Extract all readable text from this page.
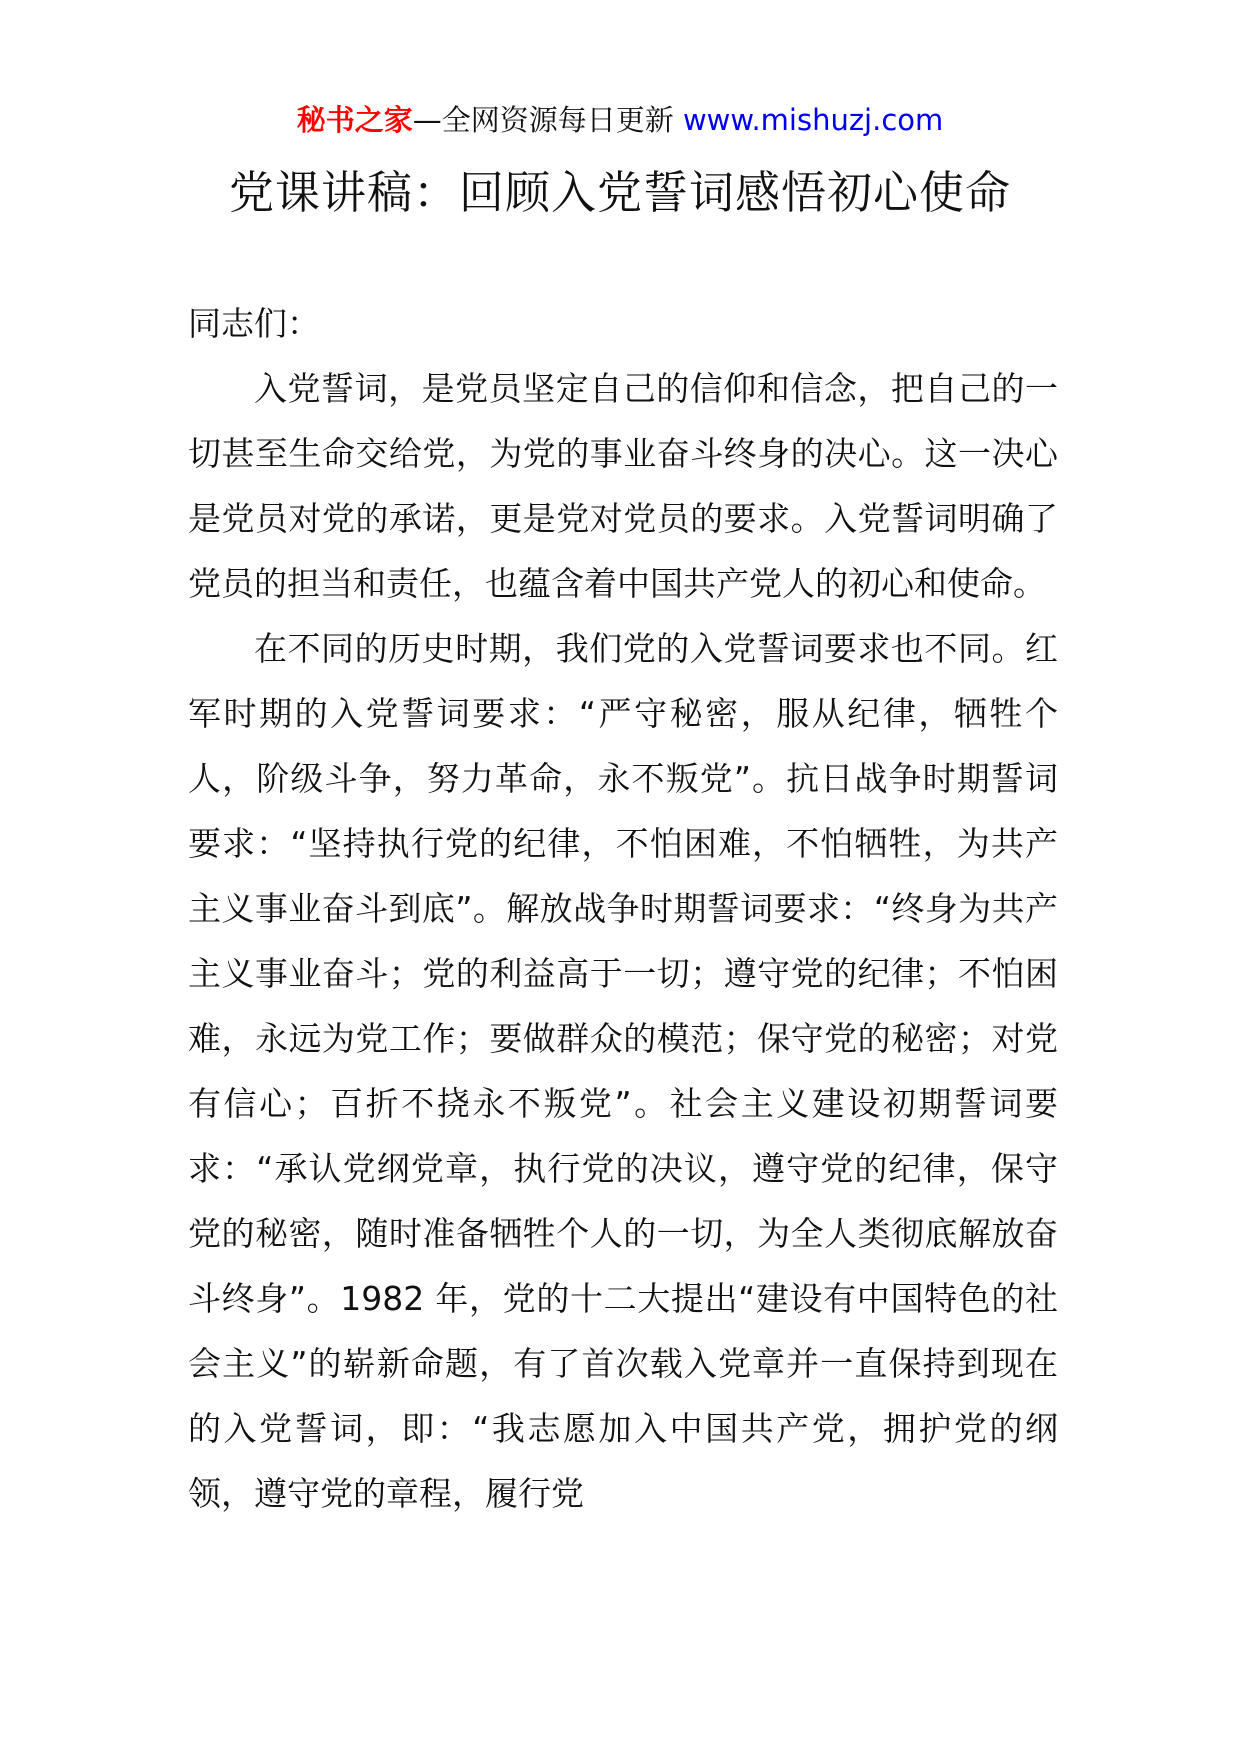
秘书之家—全网资源每日更新 www.mishuzj.com
党课讲稿：回顾入党誓词感悟初心使命

同志们：

入党誓词，是党员坚定自己的信仰和信念，把自己的一切甚至生命交给党，为党的事业奋斗终身的决心。这一决心是党员对党的承诺，更是党对党员的要求。入党誓词明确了党员的担当和责任，也蕴含着中国共产党人的初心和使命。

在不同的历史时期，我们党的入党誓词要求也不同。红军时期的入党誓词要求：“严守秘密，服从纪律，牺牲个人，阶级斗争，努力革命，永不叛党”。抗日战争时期誓词要求：“坚持执行党的纪律，不怕困难，不怕牺牲，为共产主义事业奋斗到底”。解放战争时期誓词要求：“终身为共产主义事业奋斗；党的利益高于一切；遵守党的纪律；不怕困难，永远为党工作；要做群众的模范；保守党的秘密；对党有信心；百折不挠永不叛党”。社会主义建设初期誓词要求：“承认党纲党章，执行党的决议，遵守党的纪律，保守党的秘密，随时准备牺牲个人的一切，为全人类彻底解放奋斗终身”。1982 年，党的十二大提出“建设有中国特色的社会主义”的崭新命题，有了首次载入党章并一直保持到现在的入党誓词，即：“我志愿加入中国共产党，拥护党的纲领，遵守党的章程，履行党
